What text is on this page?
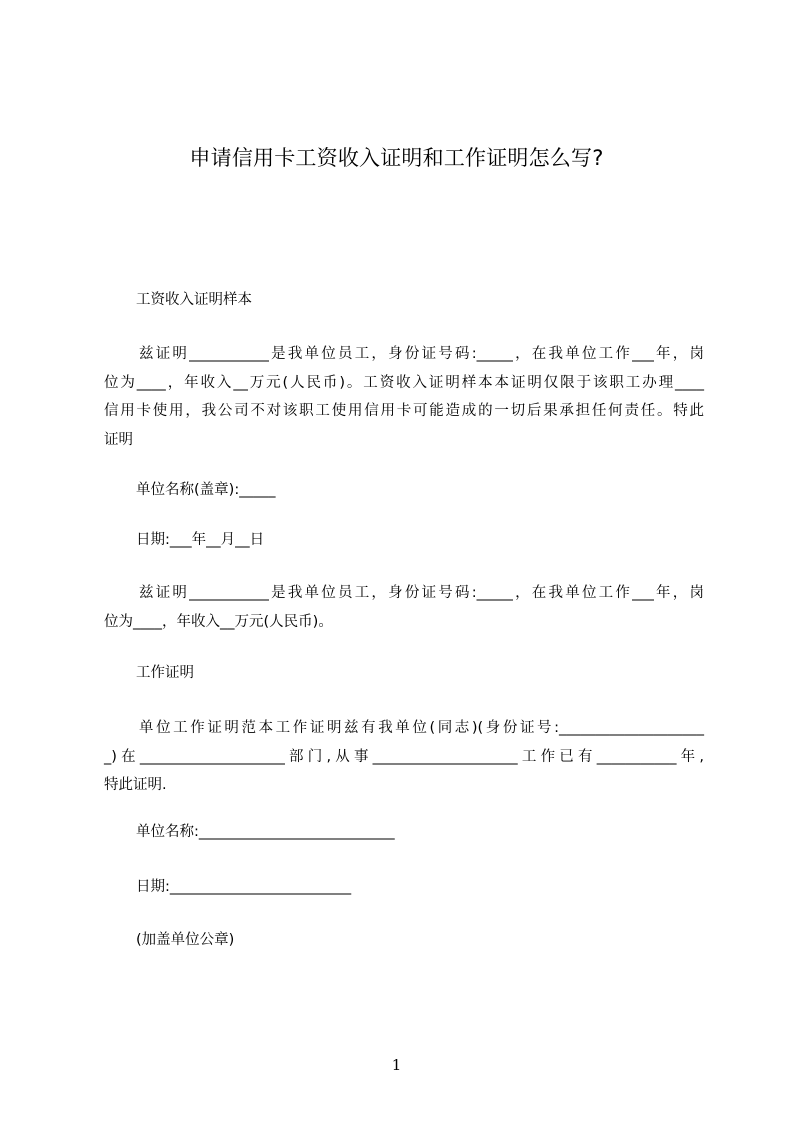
申请信用卡工资收入证明和工作证明怎么写?
工资收入证明样本
兹证明___________是我单位员工，身份证号码:_____，在我单位工作___年，岗
位为____，年收入__万元(人民币)。工资收入证明样本本证明仅限于该职工办理____
信用卡使用，我公司不对该职工使用信用卡可能造成的一切后果承担任何责任。特此
证明
单位名称(盖章):_____
日期:___年__月__日
兹证明___________是我单位员工，身份证号码:_____，在我单位工作___年，岗
位为____，年收入__万元(人民币)。
工作证明
单位工作证明范本工作证明兹有我单位(同志)(身份证号:____________________
_)在____________________部门,从事____________________工作已有___________年,
特此证明.
单位名称:___________________________
日期:_________________________
(加盖单位公章)
1
